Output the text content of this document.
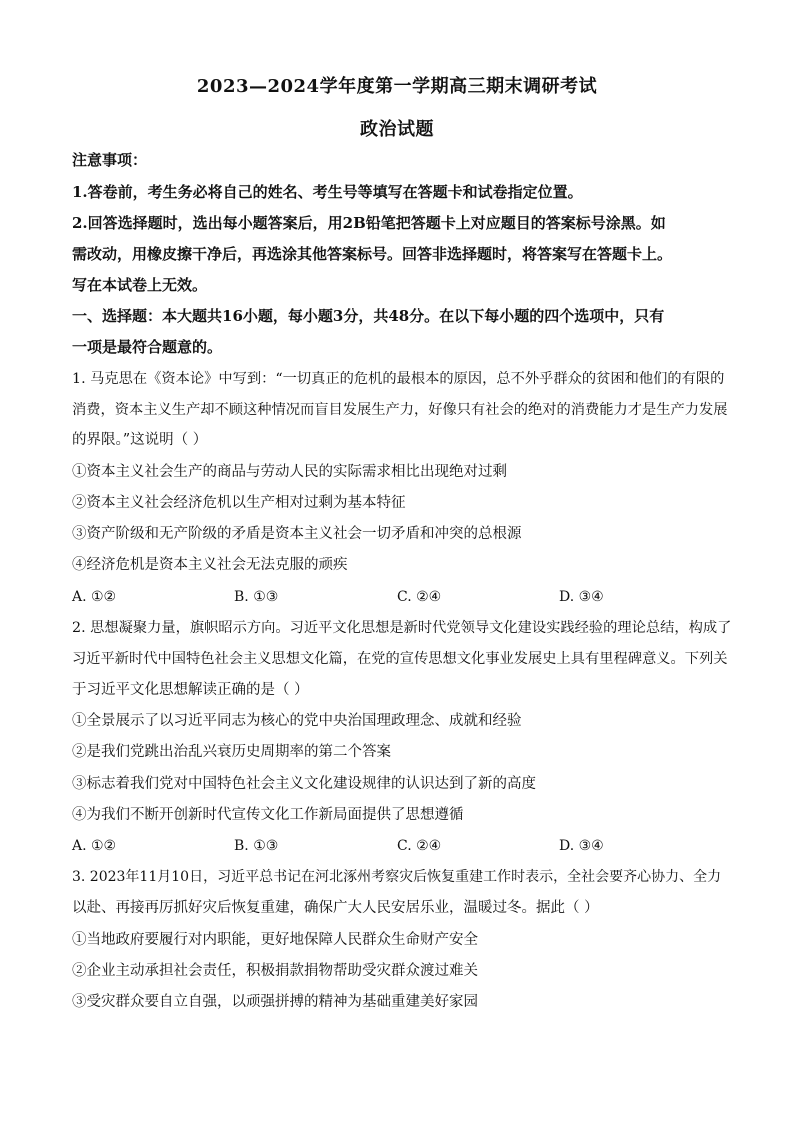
2023—2024学年度第一学期高三期末调研考试
政治试题
注意事项：
1.答卷前，考生务必将自己的姓名、考生号等填写在答题卡和试卷指定位置。
2.回答选择题时，选出每小题答案后，用2B铅笔把答题卡上对应题目的答案标号涂黑。如
需改动，用橡皮擦干净后，再选涂其他答案标号。回答非选择题时，将答案写在答题卡上。
写在本试卷上无效。
一、选择题：本大题共16小题，每小题3分，共48分。在以下每小题的四个选项中，只有
一项是最符合题意的。
1. 马克思在《资本论》中写到：“一切真正的危机的最根本的原因，总不外乎群众的贫困和他们的有限的
消费，资本主义生产却不顾这种情况而盲目发展生产力，好像只有社会的绝对的消费能力才是生产力发展
的界限。”这说明（ ）
①资本主义社会生产的商品与劳动人民的实际需求相比出现绝对过剩
②资本主义社会经济危机以生产相对过剩为基本特征
③资产阶级和无产阶级的矛盾是资本主义社会一切矛盾和冲突的总根源
④经济危机是资本主义社会无法克服的顽疾
A. ①②	B. ①③	C. ②④	D. ③④
2. 思想凝聚力量，旗帜昭示方向。习近平文化思想是新时代党领导文化建设实践经验的理论总结，构成了
习近平新时代中国特色社会主义思想文化篇，在党的宣传思想文化事业发展史上具有里程碑意义。下列关
于习近平文化思想解读正确的是（ ）
①全景展示了以习近平同志为核心的党中央治国理政理念、成就和经验
②是我们党跳出治乱兴衰历史周期率的第二个答案
③标志着我们党对中国特色社会主义文化建设规律的认识达到了新的高度
④为我们不断开创新时代宣传文化工作新局面提供了思想遵循
A. ①②	B. ①③	C. ②④	D. ③④
3. 2023年11月10日，习近平总书记在河北涿州考察灾后恢复重建工作时表示，全社会要齐心协力、全力
以赴、再接再厉抓好灾后恢复重建，确保广大人民安居乐业，温暖过冬。据此（ ）
①当地政府要履行对内职能，更好地保障人民群众生命财产安全
②企业主动承担社会责任，积极捐款捐物帮助受灾群众渡过难关
③受灾群众要自立自强，以顽强拼搏的精神为基础重建美好家园
